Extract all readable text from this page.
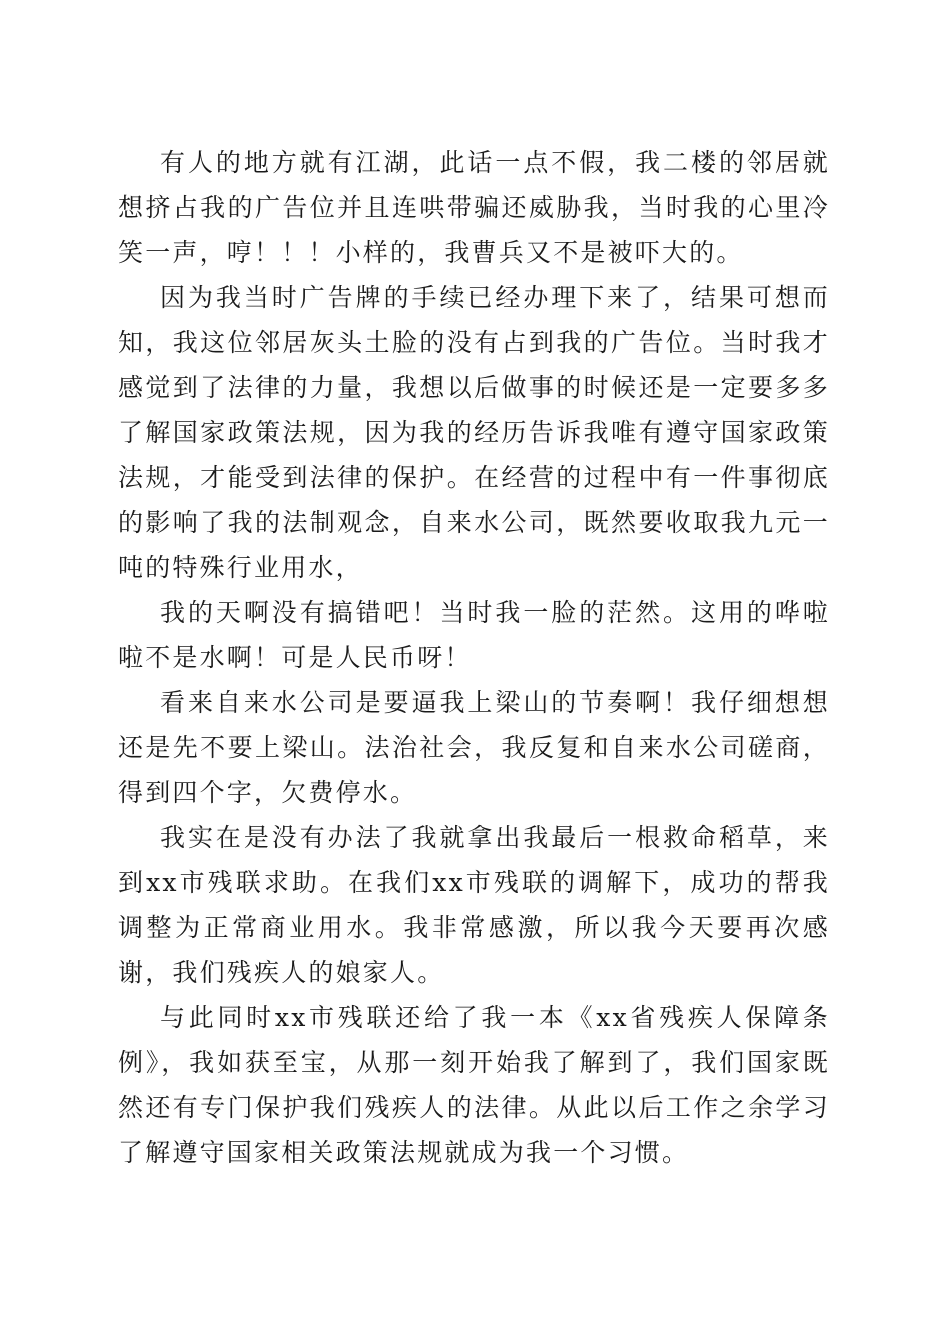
有人的地方就有江湖，此话一点不假，我二楼的邻居就想挤占我的广告位并且连哄带骗还威胁我，当时我的心里冷笑一声，哼！！！小样的，我曹兵又不是被吓大的。

因为我当时广告牌的手续已经办理下来了，结果可想而知，我这位邻居灰头土脸的没有占到我的广告位。当时我才感觉到了法律的力量，我想以后做事的时候还是一定要多多了解国家政策法规，因为我的经历告诉我唯有遵守国家政策法规，才能受到法律的保护。在经营的过程中有一件事彻底的影响了我的法制观念，自来水公司，既然要收取我九元一吨的特殊行业用水，

我的天啊没有搞错吧！当时我一脸的茫然。这用的哗啦啦不是水啊！可是人民币呀！

看来自来水公司是要逼我上梁山的节奏啊！我仔细想想还是先不要上梁山。法治社会，我反复和自来水公司磋商，得到四个字，欠费停水。

我实在是没有办法了我就拿出我最后一根救命稻草，来到xx市残联求助。在我们xx市残联的调解下，成功的帮我调整为正常商业用水。我非常感激，所以我今天要再次感谢，我们残疾人的娘家人。

与此同时xx市残联还给了我一本《xx省残疾人保障条例》，我如获至宝，从那一刻开始我了解到了，我们国家既然还有专门保护我们残疾人的法律。从此以后工作之余学习了解遵守国家相关政策法规就成为我一个习惯。
